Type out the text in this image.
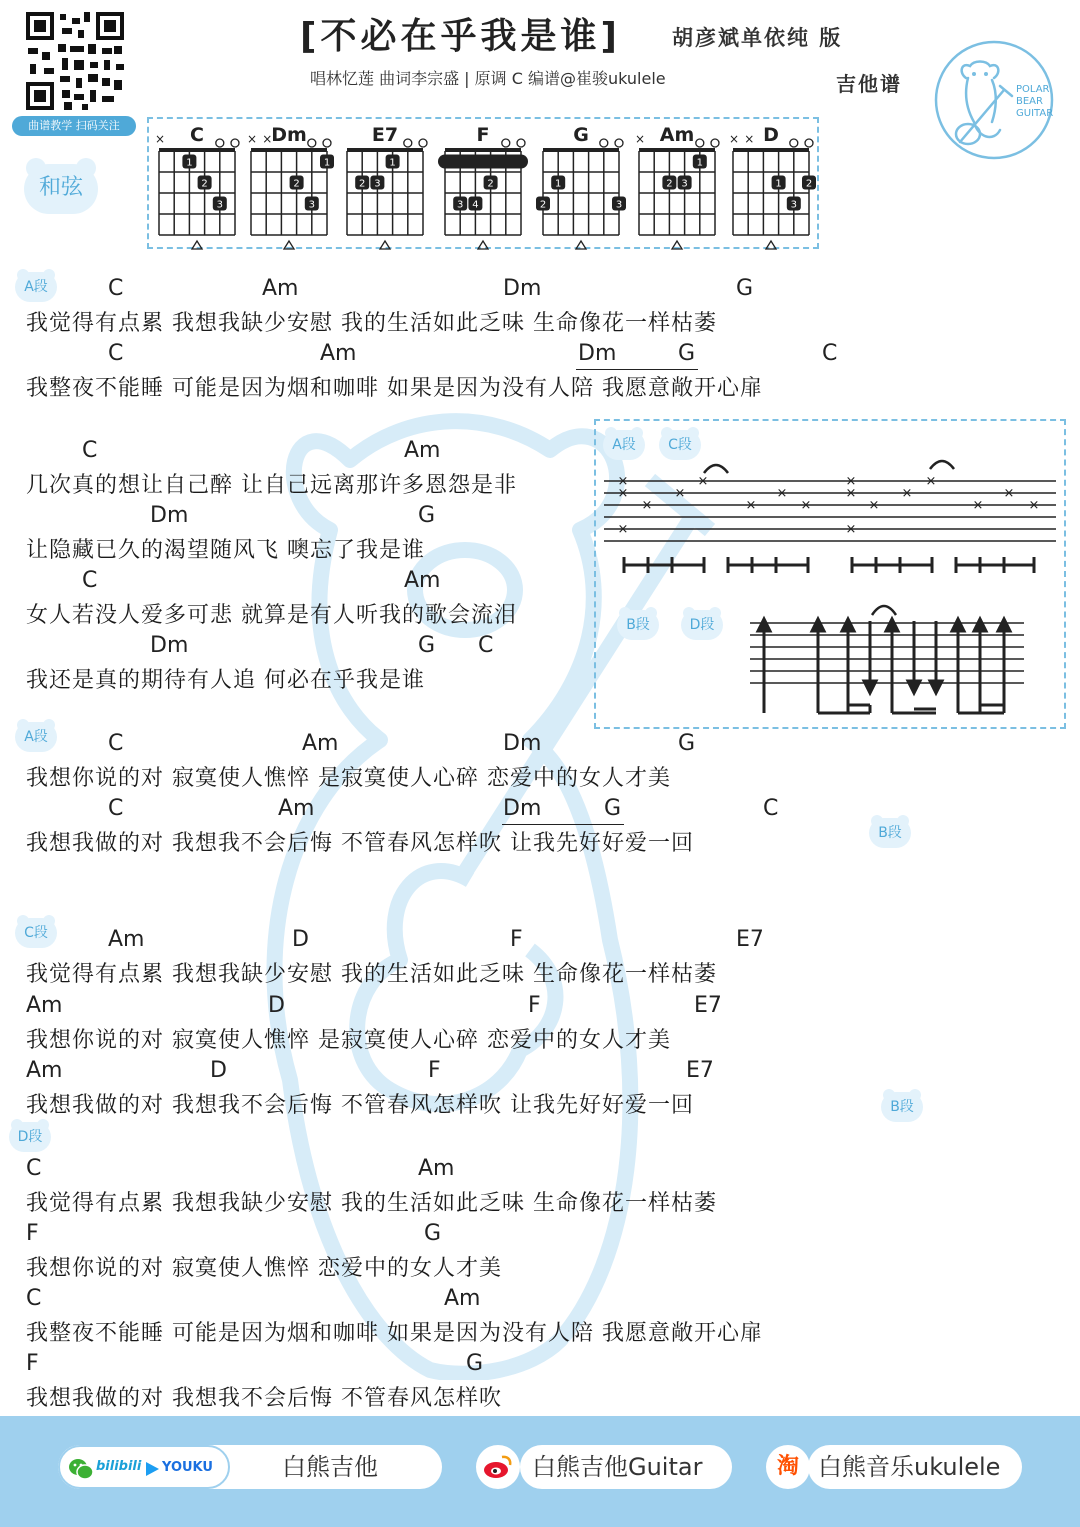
曲谱教学 扫码关注
[不必在乎我是谁] 胡彦斌单依纯 版
唱林忆莲 曲词李宗盛 | 原调 C 编谱@崔骏ukulele	吉他谱	POLAR
BEAR
GUITAR
和弦
C
×
1
2
3
Dm
× ×
1
2
3
E7
1
2 3
F
2
3 4
G
1
2	3
Am
×
1
2 3
D
× ×
1 2
3
A段	C	Am	Dm	G
我觉得有点累 我想我缺少安慰 我的生活如此乏味 生命像花一样枯萎
C	Am	Dm	G	C
我整夜不能睡 可能是因为烟和咖啡 如果是因为没有人陪 我愿意敞开心扉
C	Am
几次真的想让自己醉 让自己远离那许多恩怨是非
Dm	G
让隐藏已久的渴望随风飞 噢忘了我是谁
C	Am
女人若没人爱多可悲 就算是有人听我的歌会流泪
Dm	G C
我还是真的期待有人追 何必在乎我是谁
A段	C	Am	Dm	G
我想你说的对 寂寞使人憔悴 是寂寞使人心碎 恋爱中的女人才美
C	Am	Dm	G	C
我想我做的对 我想我不会后悔 不管春风怎样吹 让我先好好爱一回
C段	Am	D	F	E7
我觉得有点累 我想我缺少安慰 我的生活如此乏味 生命像花一样枯萎
Am	D	F	E7
我想你说的对 寂寞使人憔悴 是寂寞使人心碎 恋爱中的女人才美
Am	D	F	E7
我想我做的对 我想我不会后悔 不管春风怎样吹 让我先好好爱一回
D段
C	Am
我觉得有点累 我想我缺少安慰 我的生活如此乏味 生命像花一样枯萎
F	G
我想你说的对 寂寞使人憔悴 恋爱中的女人才美
C	Am
我整夜不能睡 可能是因为烟和咖啡 如果是因为没有人陪 我愿意敞开心扉
F	G
我想我做的对 我想我不会后悔 不管春风怎样吹
B段
B段
A段	C段
B段	D段
×
×
×
×
×
×
×
×
×
×
×
×
×
×
×
×
×
×
bilibili YOUKU	白熊吉他	白熊吉他Guitar	淘 白熊音乐ukulele
